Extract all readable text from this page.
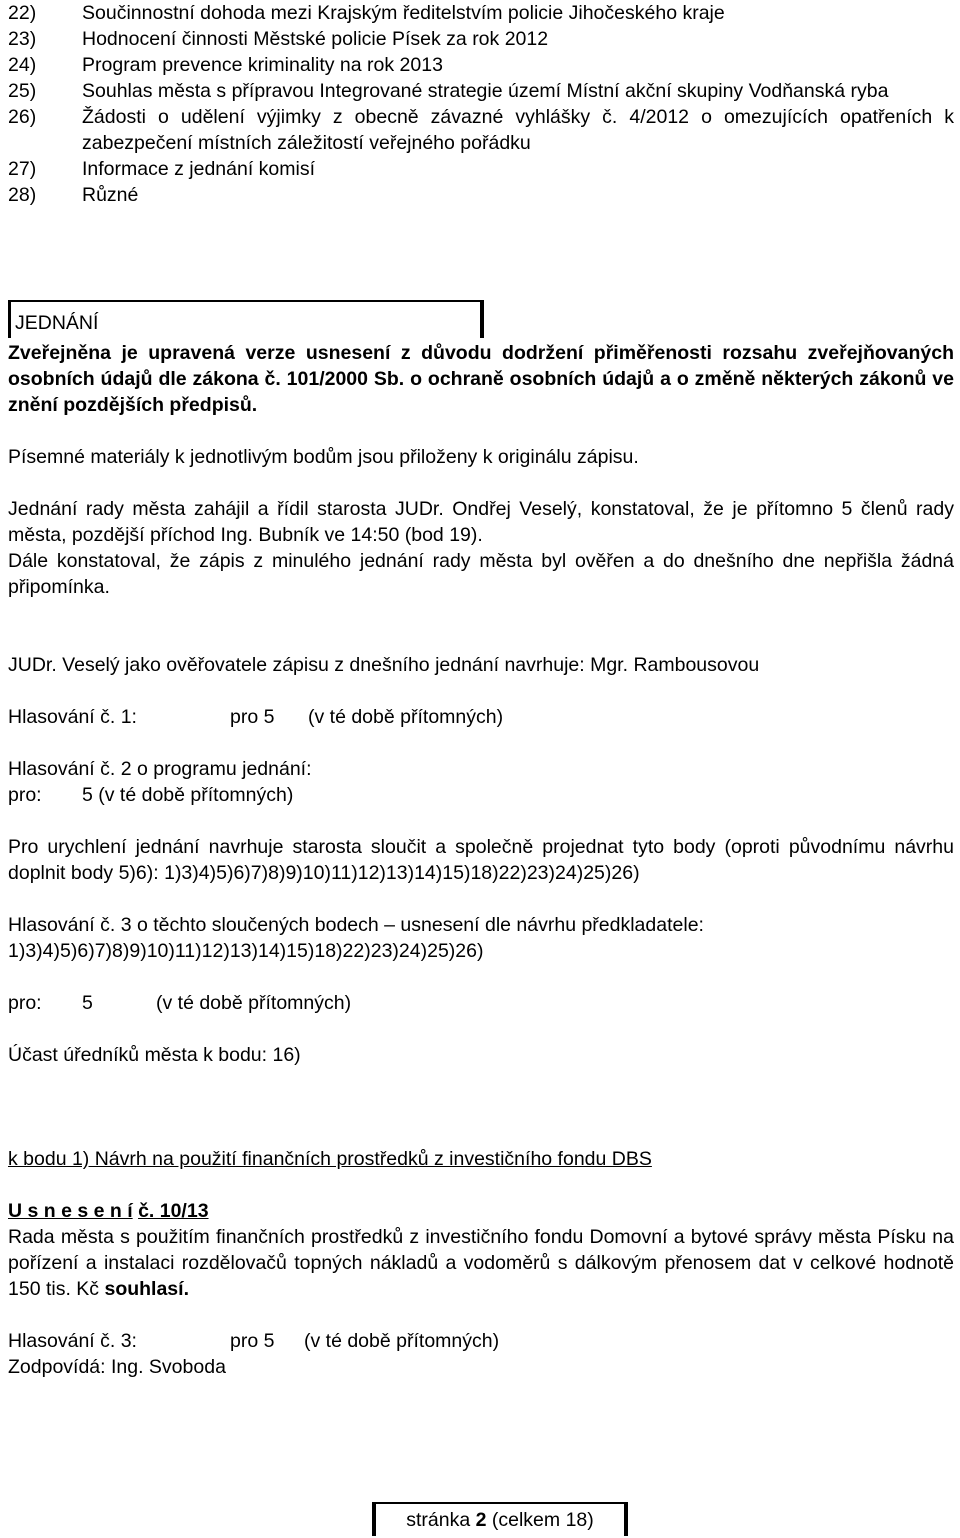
22)	Součinnostní dohoda mezi Krajským ředitelstvím policie Jihočeského kraje
23)	Hodnocení činnosti Městské policie Písek za rok 2012
24)	Program prevence kriminality na rok 2013
25)	Souhlas města s přípravou Integrované strategie území Místní akční skupiny Vodňanská ryba
26)	Žádosti o udělení výjimky z obecně závazné vyhlášky č. 4/2012 o omezujících opatřeních k zabezpečení místních záležitostí veřejného pořádku
27)	Informace z jednání komisí
28)	Různé
JEDNÁNÍ

Zveřejněna je upravená verze usnesení z důvodu dodržení přiměřenosti rozsahu zveřejňovaných osobních údajů dle zákona č. 101/2000 Sb. o ochraně osobních údajů a o změně některých zákonů ve znění pozdějších předpisů.

Písemné materiály k jednotlivým bodům jsou přiloženy k originálu zápisu.

Jednání rady města zahájil a řídil starosta JUDr. Ondřej Veselý, konstatoval, že je přítomno 5 členů rady města, pozdější příchod Ing. Bubník ve 14:50 (bod 19).

Dále konstatoval, že zápis z minulého jednání rady města byl ověřen a do dnešního dne nepřišla žádná připomínka.

JUDr. Veselý jako ověřovatele zápisu z dnešního jednání navrhuje: Mgr. Rambousovou

Hlasování č. 1:	pro 5	(v té době přítomných)

Hlasování č. 2 o programu jednání:

pro:	5 (v té době přítomných)

Pro urychlení jednání navrhuje starosta sloučit a společně projednat tyto body (oproti původnímu návrhu doplnit body 5)6): 1)3)4)5)6)7)8)9)10)11)12)13)14)15)18)22)23)24)25)26)

Hlasování č. 3 o těchto sloučených bodech – usnesení dle návrhu předkladatele: 1)3)4)5)6)7)8)9)10)11)12)13)14)15)18)22)23)24)25)26)

pro:	5	(v té době přítomných)

Účast úředníků města k bodu: 16)

k bodu 1) Návrh na použití finančních prostředků z investičního fondu DBS

U s n e s e n í č. 10/13

Rada města s použitím finančních prostředků z investičního fondu Domovní a bytové správy města Písku na pořízení a instalaci rozdělovačů topných nákladů a vodoměrů s dálkovým přenosem dat v celkové hodnotě 150 tis. Kč souhlasí.

Hlasování č. 3:	pro 5	(v té době přítomných)

Zodpovídá: Ing. Svoboda

stránka 2 (celkem 18)
